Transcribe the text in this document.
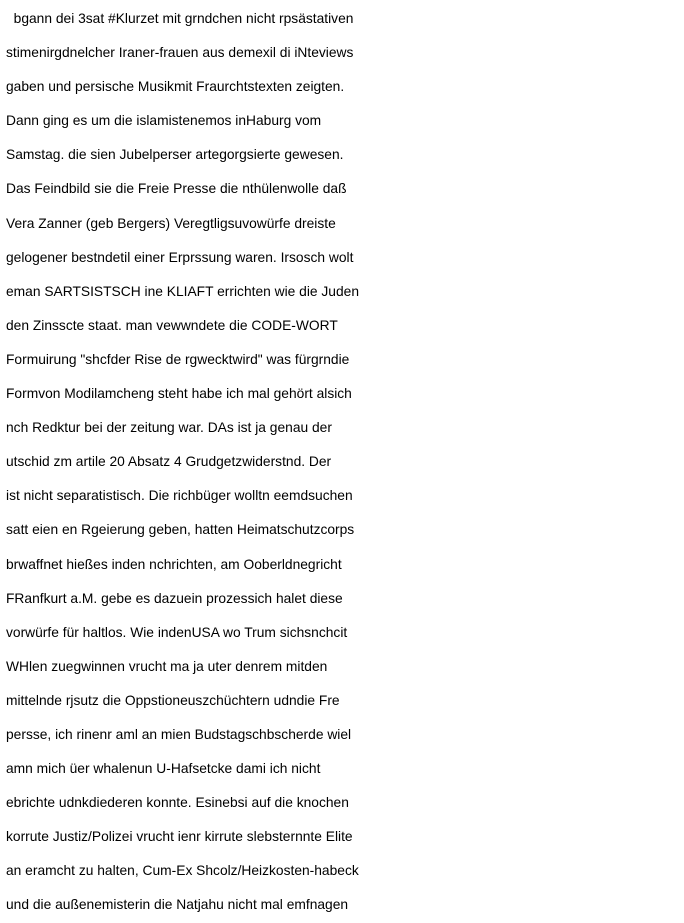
bgann dei 3sat #Klurzet mit grndchen nicht rpsästativen
stimenirgdnelcher Iraner-frauen aus demexil di iNteviews
gaben und persische Musikmit Fraurchtstexten zeigten.
Dann ging es um die islamistenemos inHaburg vom
Samstag. die sien Jubelperser artegorgsierte gewesen.
Das Feindbild sie die Freie Presse die nthülenwolle daß
Vera Zanner (geb Bergers) Veregtligsuvowürfe dreiste
gelogener bestndetil einer Erprssung waren. Irsosch wolt
eman SARTSISTSCH ine KLIAFT errichten wie die Juden
den Zinsscte staat. man vewwndete die CODE-WORT
Formuirung "shcfder Rise de rgwecktwird" was fürgrndie
Formvon Modilamcheng steht habe ich mal gehört alsich
nch Redktur bei der zeitung war. DAs ist ja genau der
utschid zm artile 20 Absatz 4 Grudgetzwiderstnd. Der
ist nicht separatistisch. Die richbüger wolltn eemdsuchen
satt eien en Rgeierung geben, hatten Heimatschutzcorps
brwaffnet hießes inden nchrichten, am Ooberldnegricht
FRanfkurt a.M. gebe es dazuein prozessich halet diese
vorwürfe für haltlos. Wie indenUSA wo Trum sichsnchcit
WHlen zuegwinnen vrucht ma ja uter denrem mitden
mittelnde rjsutz die Oppstioneuszchüchtern udndie Fre
persse, ich rinenr aml an mien Budstagschbscherde wiel
amn mich üer whalenun U-Hafsetcke dami ich nicht
ebrichte udnkdiederen konnte. Esinebsi auf die knochen
korrute Justiz/Polizei vrucht ienr kirrute slebsternnte Elite
an eramcht zu halten, Cum-Ex Shcolz/Heizkosten-habeck
und die außenemisterin die Natjahu nicht mal emfnagen
